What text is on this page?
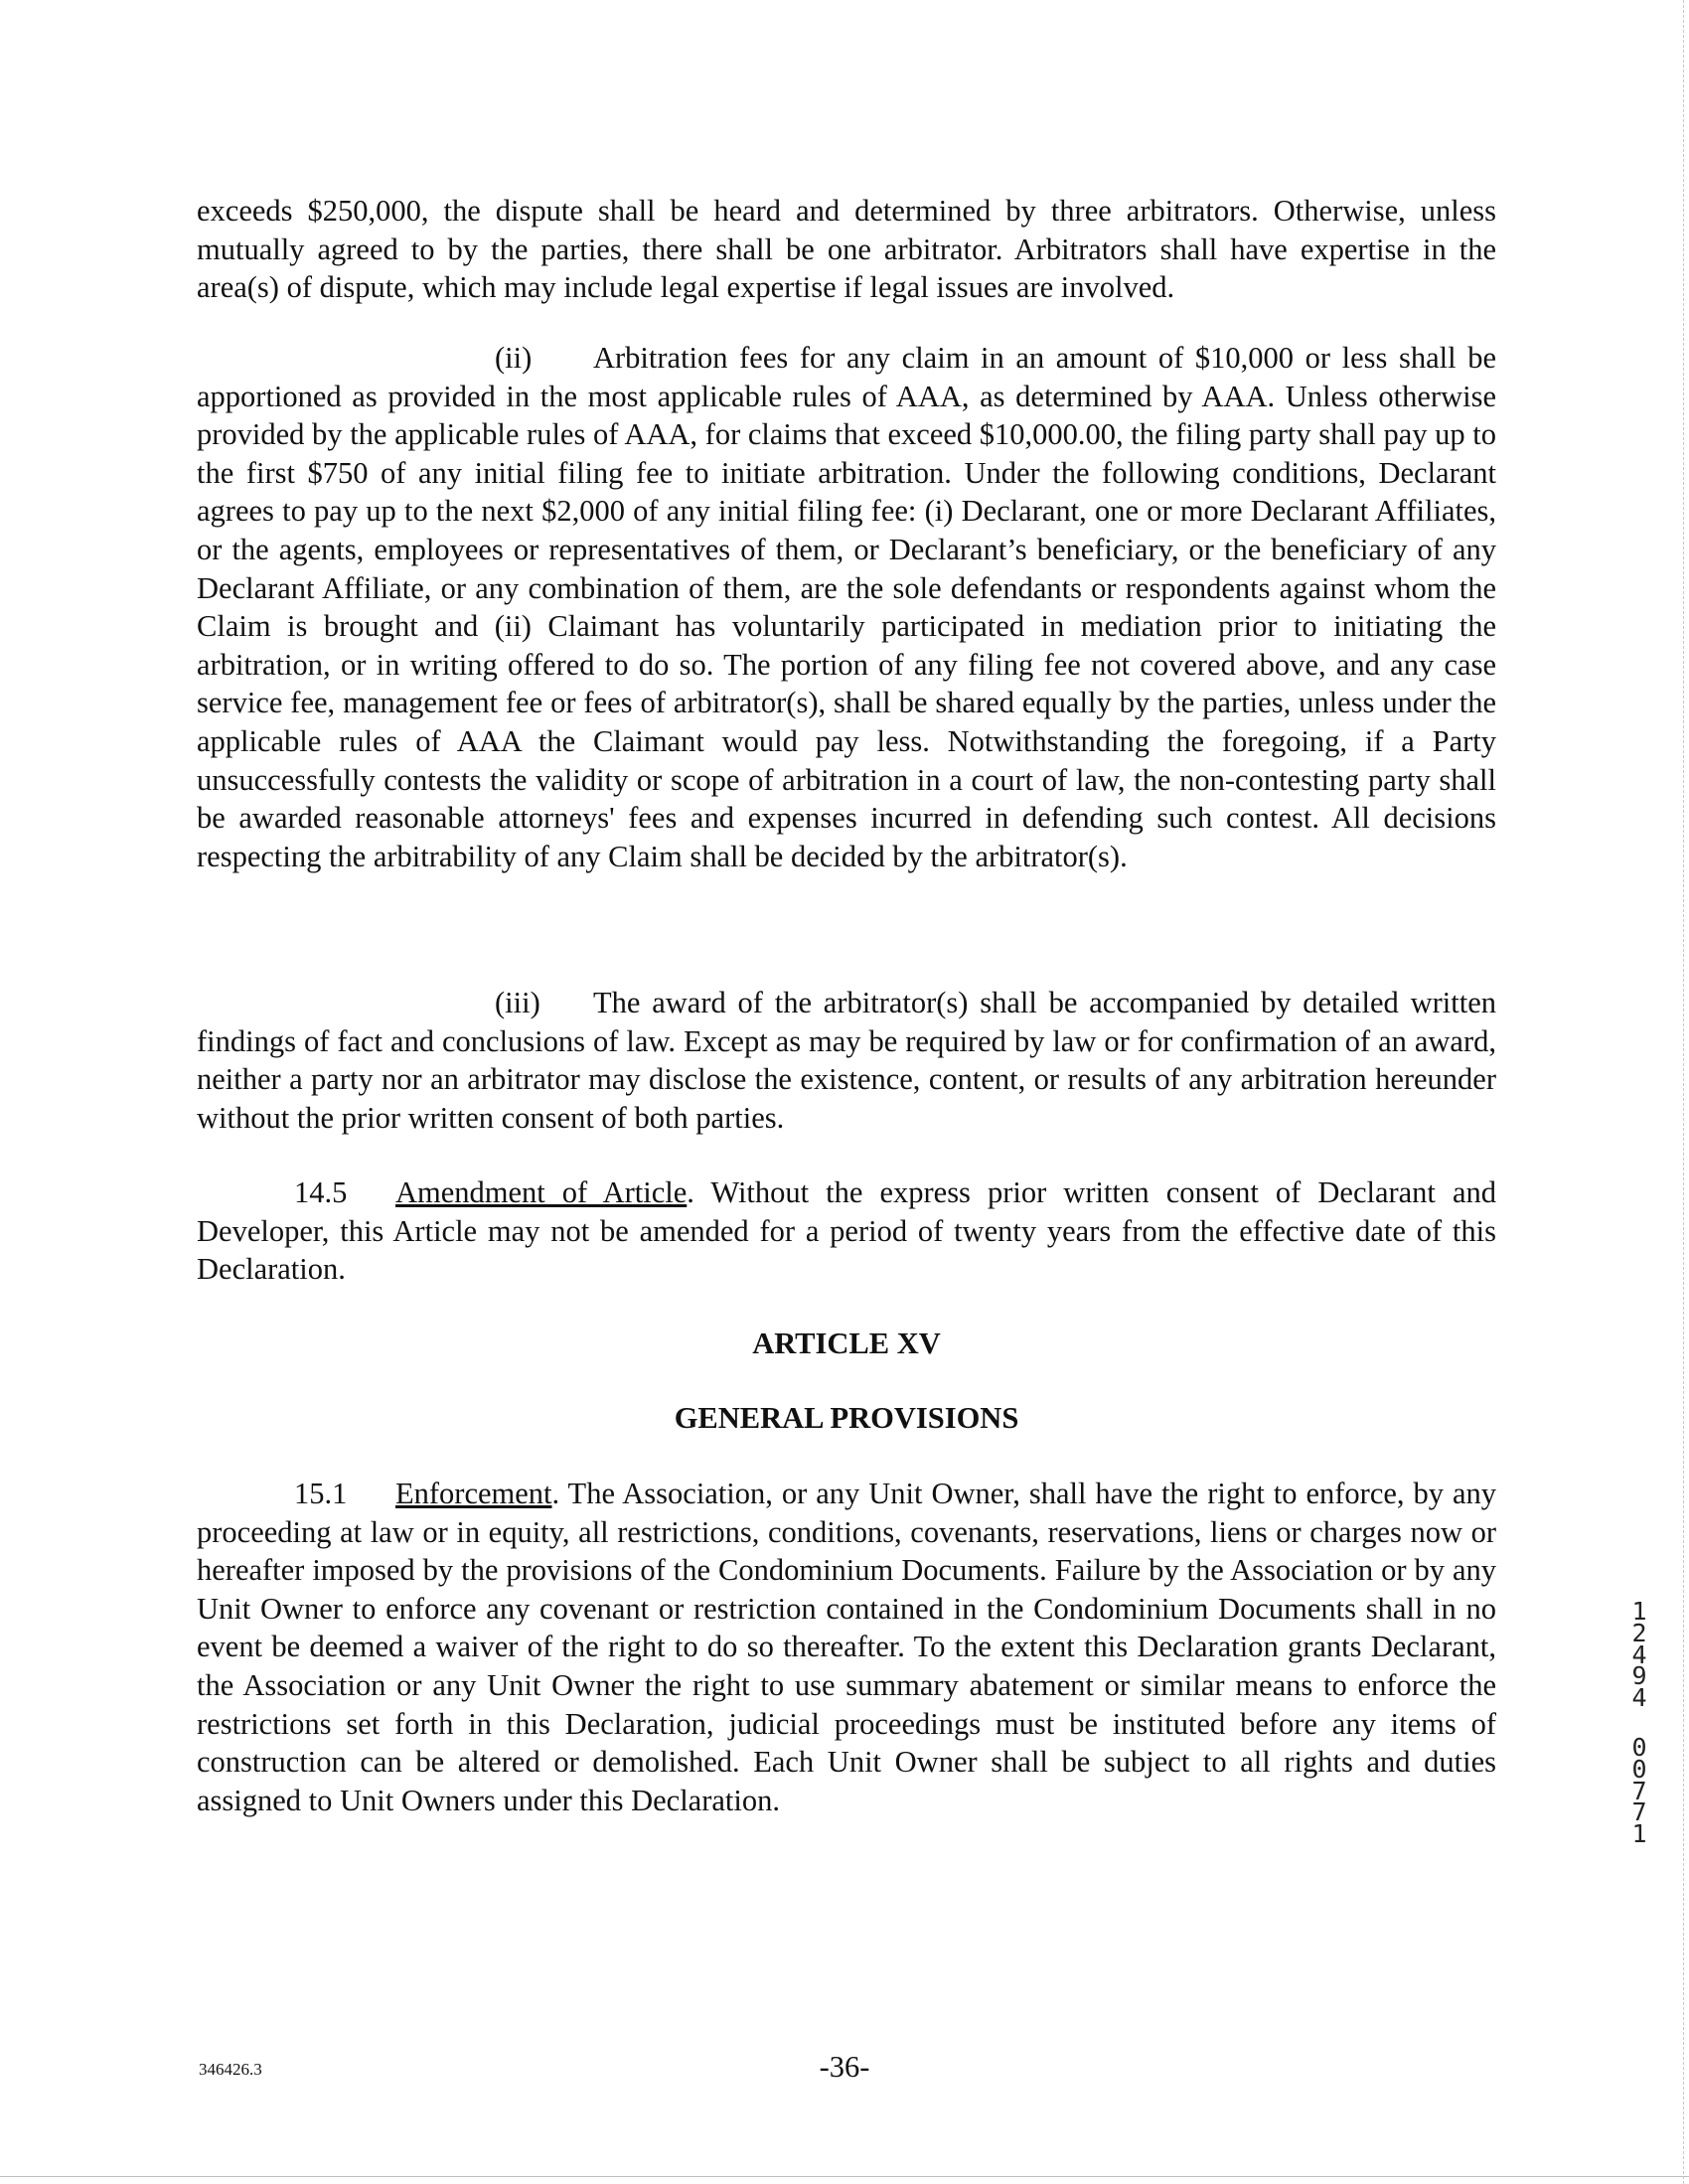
exceeds $250,000, the dispute shall be heard and determined by three arbitrators. Otherwise, unless mutually agreed to by the parties, there shall be one arbitrator. Arbitrators shall have expertise in the area(s) of dispute, which may include legal expertise if legal issues are involved.

(ii) Arbitration fees for any claim in an amount of $10,000 or less shall be apportioned as provided in the most applicable rules of AAA, as determined by AAA. Unless otherwise provided by the applicable rules of AAA, for claims that exceed $10,000.00, the filing party shall pay up to the first $750 of any initial filing fee to initiate arbitration. Under the following conditions, Declarant agrees to pay up to the next $2,000 of any initial filing fee: (i) Declarant, one or more Declarant Affiliates, or the agents, employees or representatives of them, or Declarant’s beneficiary, or the beneficiary of any Declarant Affiliate, or any combination of them, are the sole defendants or respondents against whom the Claim is brought and (ii) Claimant has voluntarily participated in mediation prior to initiating the arbitration, or in writing offered to do so. The portion of any filing fee not covered above, and any case service fee, management fee or fees of arbitrator(s), shall be shared equally by the parties, unless under the applicable rules of AAA the Claimant would pay less. Notwithstanding the foregoing, if a Party unsuccessfully contests the validity or scope of arbitration in a court of law, the non-contesting party shall be awarded reasonable attorneys' fees and expenses incurred in defending such contest. All decisions respecting the arbitrability of any Claim shall be decided by the arbitrator(s).

(iii) The award of the arbitrator(s) shall be accompanied by detailed written findings of fact and conclusions of law. Except as may be required by law or for confirmation of an award, neither a party nor an arbitrator may disclose the existence, content, or results of any arbitration hereunder without the prior written consent of both parties.

14.5 Amendment of Article. Without the express prior written consent of Declarant and Developer, this Article may not be amended for a period of twenty years from the effective date of this Declaration.

ARTICLE XV

GENERAL PROVISIONS

15.1 Enforcement. The Association, or any Unit Owner, shall have the right to enforce, by any proceeding at law or in equity, all restrictions, conditions, covenants, reservations, liens or charges now or hereafter imposed by the provisions of the Condominium Documents. Failure by the Association or by any Unit Owner to enforce any covenant or restriction contained in the Condominium Documents shall in no event be deemed a waiver of the right to do so thereafter. To the extent this Declaration grants Declarant, the Association or any Unit Owner the right to use summary abatement or similar means to enforce the restrictions set forth in this Declaration, judicial proceedings must be instituted before any items of construction can be altered or demolished. Each Unit Owner shall be subject to all rights and duties assigned to Unit Owners under this Declaration.

1
2
4
9
4
0
0
7
7
1
346426.3	-36-
